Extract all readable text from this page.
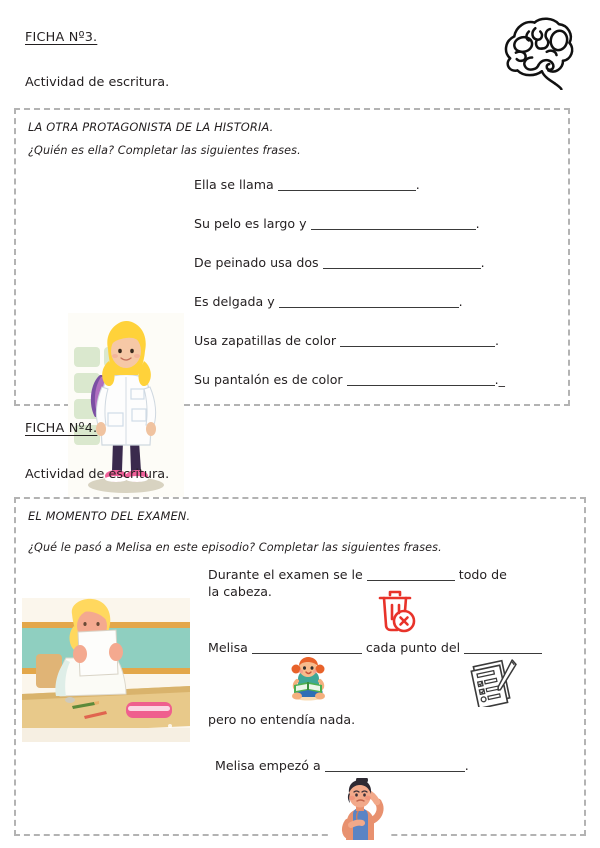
FICHA Nº3.
Actividad de escritura.
LA OTRA PROTAGONISTA DE LA HISTORIA.
¿Quién es ella? Completar las siguientes frases.
Ella se llama	.
Su pelo es largo y	.
De peinado usa dos	.
Es delgada y	.
Usa zapatillas de color	.
Su pantalón es de color	._
FICHA Nº4.
Actividad de escritura.
EL MOMENTO DEL EXAMEN.
¿Qué le pasó a Melisa en este episodio? Completar las siguientes frases.
Durante el examen se le	todo de la cabeza.
Melisa	cada punto del
pero no entendía nada.
Melisa empezó a	.
